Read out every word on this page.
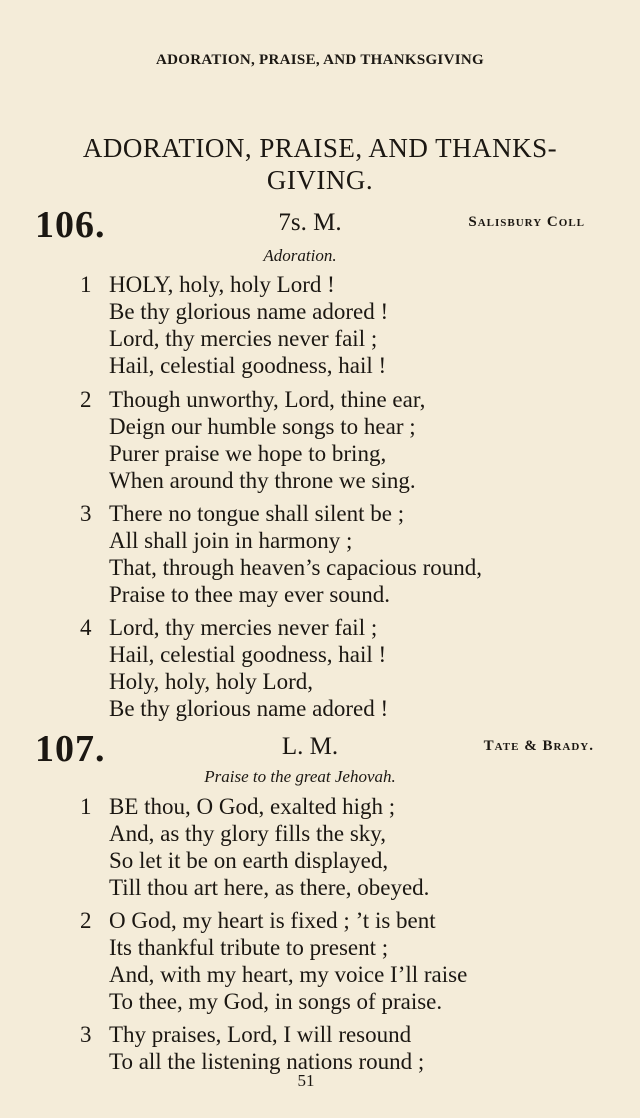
ADORATION, PRAISE, AND THANKSGIVING
ADORATION, PRAISE, AND THANKS-
GIVING.
106.	7s. M.	Salisbury Coll
Adoration.
1 HOLY, holy, holy Lord !
Be thy glorious name adored !
Lord, thy mercies never fail ;
Hail, celestial goodness, hail !
2 Though unworthy, Lord, thine ear,
Deign our humble songs to hear ;
Purer praise we hope to bring,
When around thy throne we sing.
3 There no tongue shall silent be ;
All shall join in harmony ;
That, through heaven’s capacious round,
Praise to thee may ever sound.
4 Lord, thy mercies never fail ;
Hail, celestial goodness, hail !
Holy, holy, holy Lord,
Be thy glorious name adored !
107.	L. M.	Tate & Brady.
Praise to the great Jehovah.
1 BE thou, O God, exalted high ;
And, as thy glory fills the sky,
So let it be on earth displayed,
Till thou art here, as there, obeyed.
2 O God, my heart is fixed ; ’t is bent
Its thankful tribute to present ;
And, with my heart, my voice I’ll raise
To thee, my God, in songs of praise.
3 Thy praises, Lord, I will resound
To all the listening nations round ;
51
